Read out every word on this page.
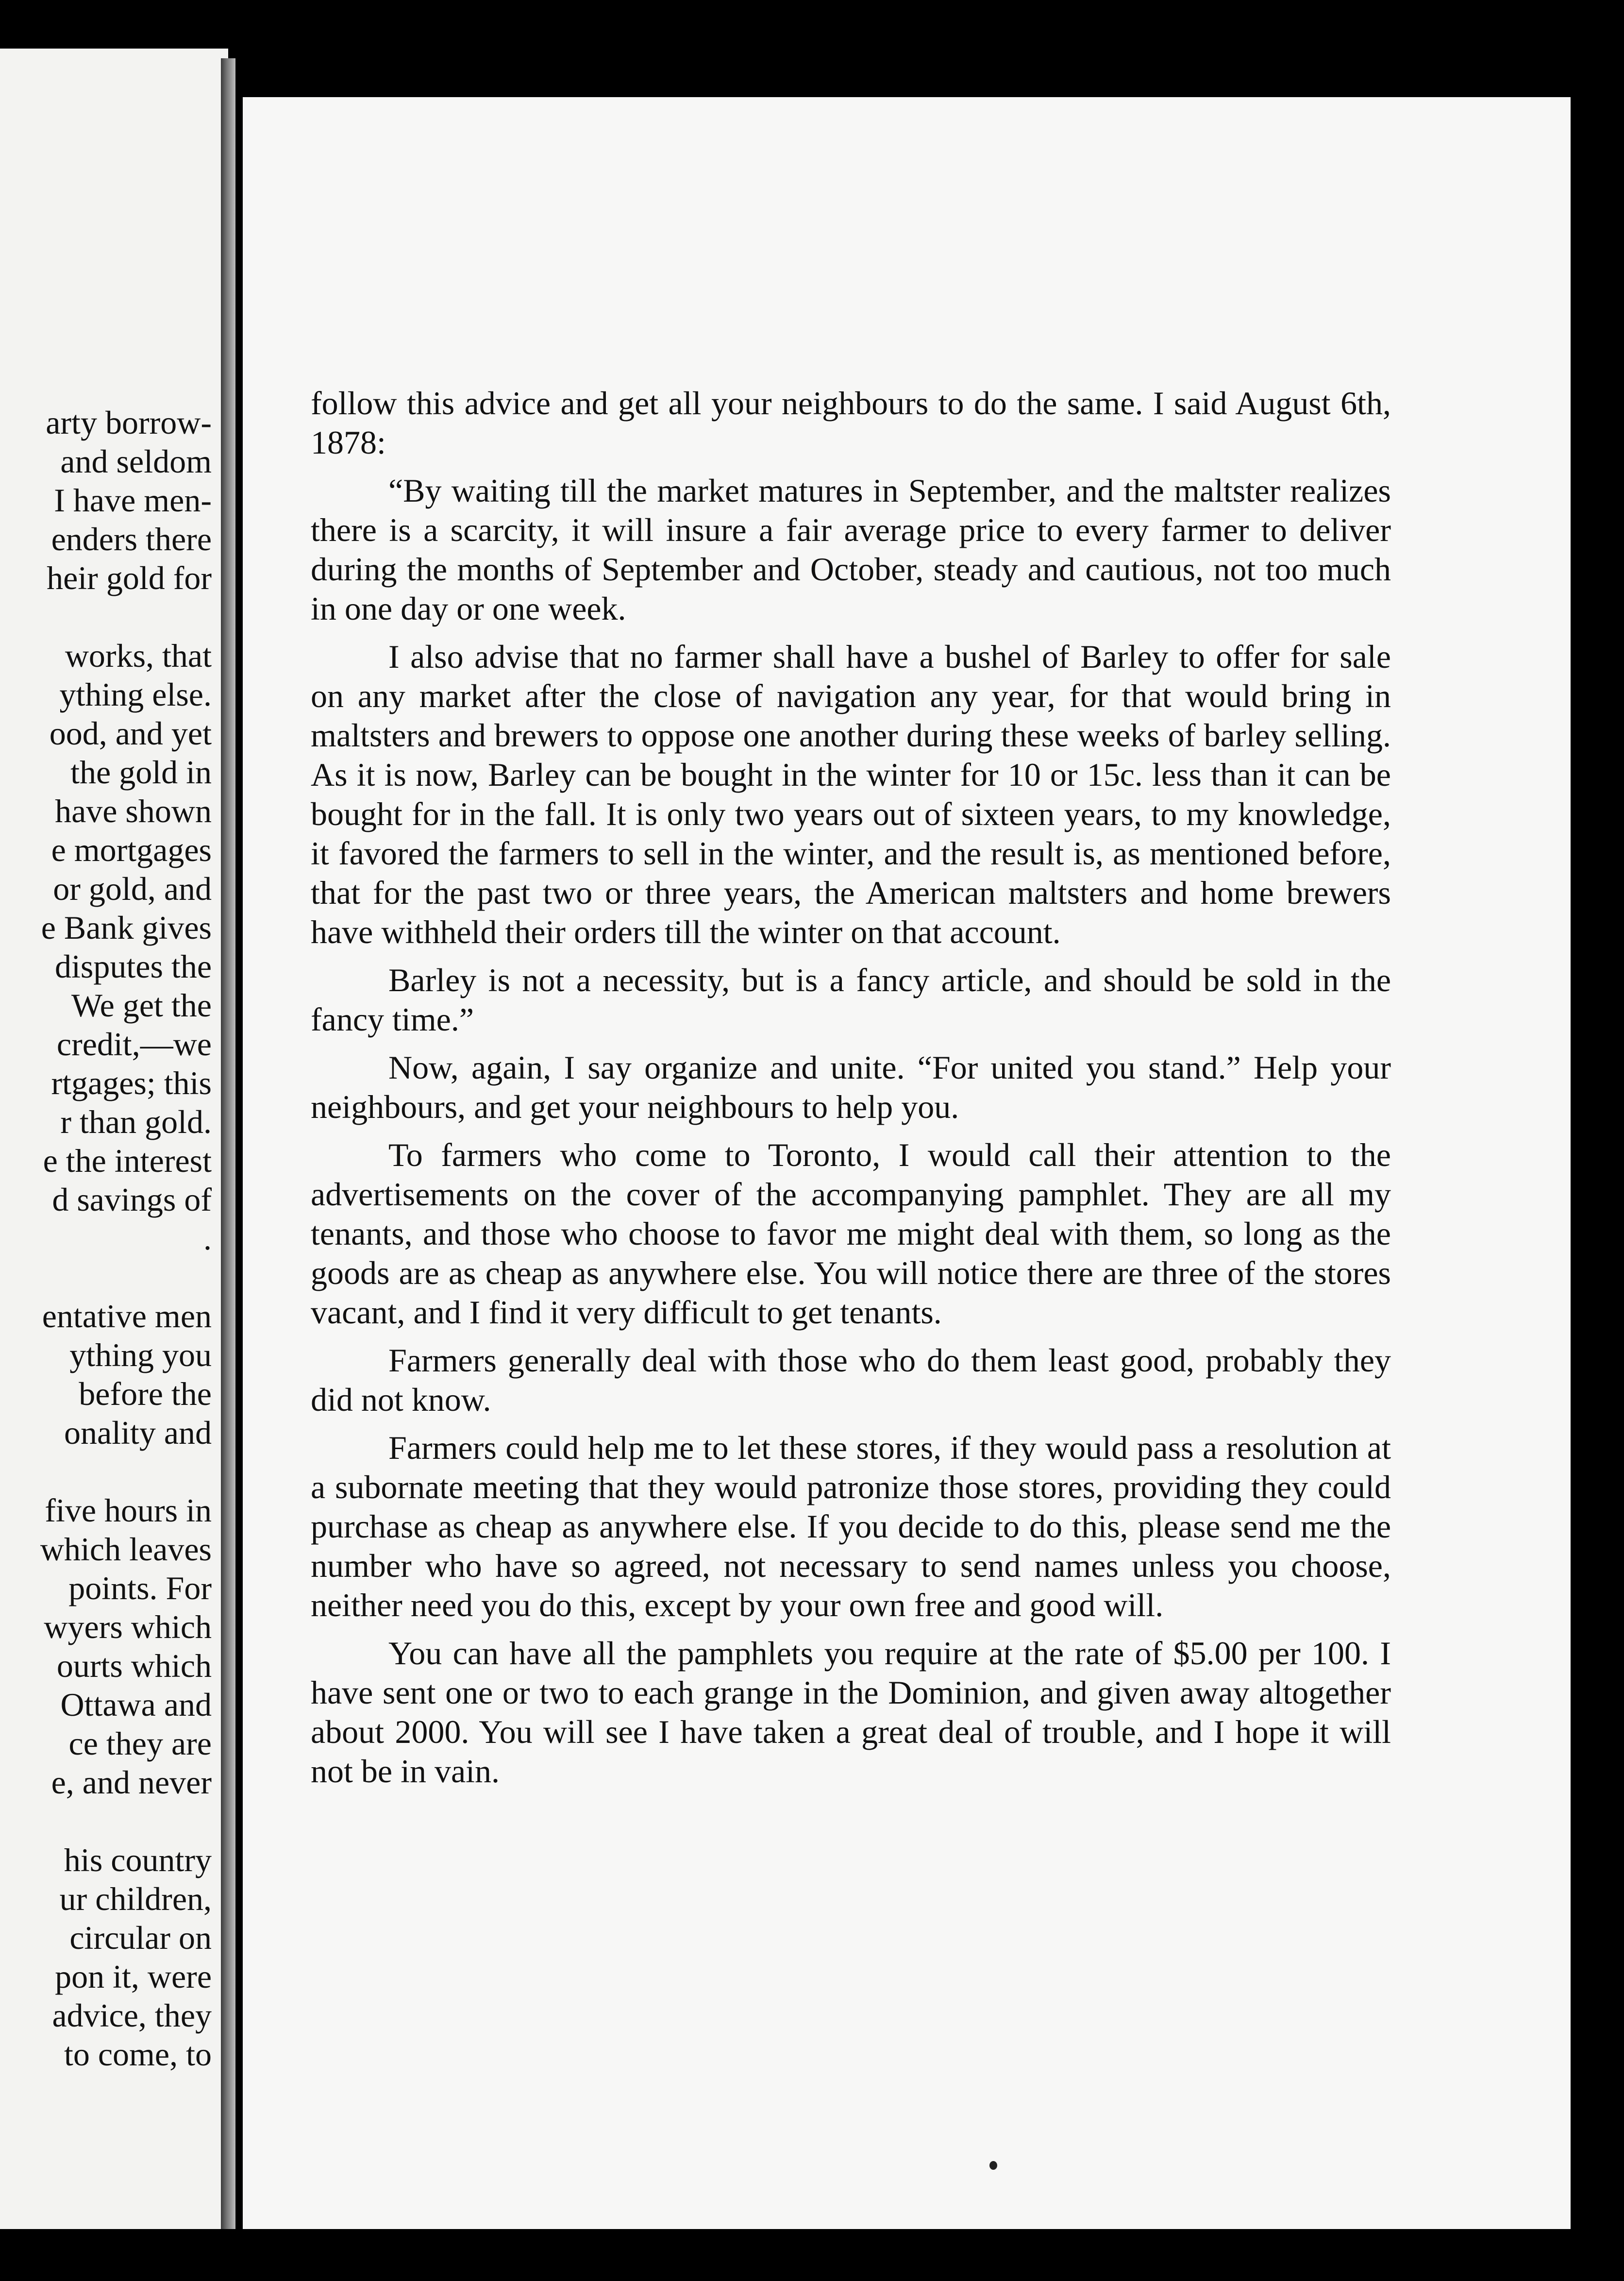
arty borrow-
and seldom
I have men-
enders there
heir gold for
works, that
ything else.
ood, and yet
the gold in
have shown
e mortgages
or gold, and
e Bank gives
disputes the
We get the
credit,—we
rtgages; this
r than gold.
e the interest
d savings of
.
entative men
ything you
before the
onality and
five hours in
which leaves
points. For
wyers which
ourts which
Ottawa and
ce they are
e, and never
his country
ur children,
circular on
pon it, were
advice, they
to come, to

follow this advice and get all your neighbours to do the same. I said August 6th, 1878:

“By waiting till the market matures in September, and the maltster realizes there is a scarcity, it will insure a fair average price to every farmer to deliver during the months of September and October, steady and cautious, not too much in one day or one week.

I also advise that no farmer shall have a bushel of Barley to offer for sale on any market after the close of navigation any year, for that would bring in maltsters and brewers to oppose one another during these weeks of barley selling. As it is now, Barley can be bought in the winter for 10 or 15c. less than it can be bought for in the fall. It is only two years out of sixteen years, to my knowledge, it favored the farmers to sell in the winter, and the result is, as mentioned before, that for the past two or three years, the American maltsters and home brewers have withheld their orders till the winter on that account.

Barley is not a necessity, but is a fancy article, and should be sold in the fancy time.”

Now, again, I say organize and unite. “For united you stand.” Help your neighbours, and get your neighbours to help you.

To farmers who come to Toronto, I would call their attention to the advertisements on the cover of the accompanying pamphlet. They are all my tenants, and those who choose to favor me might deal with them, so long as the goods are as cheap as anywhere else. You will notice there are three of the stores vacant, and I find it very difficult to get tenants.

Farmers generally deal with those who do them least good, probably they did not know.

Farmers could help me to let these stores, if they would pass a resolution at a subornate meeting that they would patronize those stores, providing they could purchase as cheap as anywhere else. If you decide to do this, please send me the number who have so agreed, not necessary to send names unless you choose, neither need you do this, except by your own free and good will.

You can have all the pamphlets you require at the rate of $5.00 per 100. I have sent one or two to each grange in the Dominion, and given away altogether about 2000. You will see I have taken a great deal of trouble, and I hope it will not be in vain.
